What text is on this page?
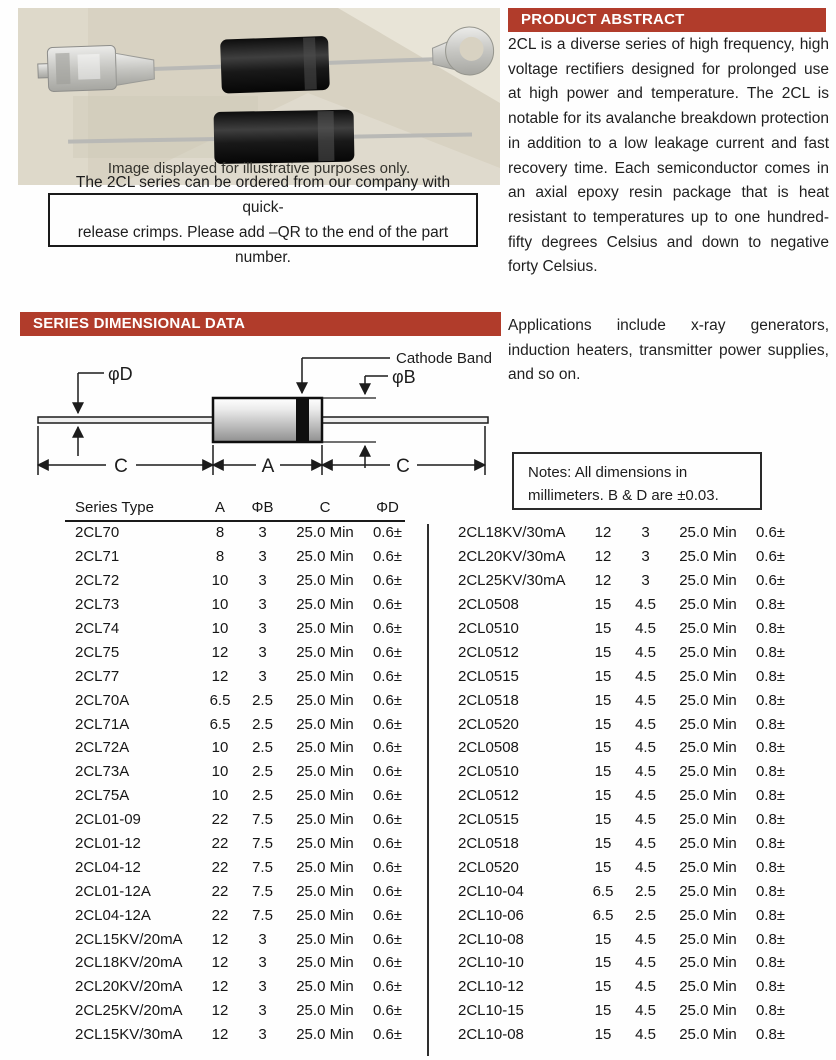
Image displayed for illustrative purposes only.
The 2CL series can be ordered from our company with quick-
release crimps. Please add –QR to the end of the part number.
PRODUCT ABSTRACT
2CL is a diverse series of high frequency, high voltage rectifiers designed for prolonged use at high power and temperature. The 2CL is notable for its avalanche breakdown protection in addition to a low leakage current and fast recovery time. Each semiconductor comes in an axial epoxy resin package that is heat resistant to temperatures up to one hundred-fifty degrees Celsius and down to negative forty Celsius.
Applications include x-ray generators, induction heaters, transmitter power supplies, and so on.
SERIES DIMENSIONAL DATA
Cathode Band
φD	φB
C	A	C	Notes: All dimensions in
millimeters. B & D are ±0.03.
Series Type	A	ΦB	C	ΦD
2CL70	8	3	25.0 Min	0.6±
2CL71	8	3	25.0 Min	0.6±
2CL72	10	3	25.0 Min	0.6±
2CL73	10	3	25.0 Min	0.6±
2CL74	10	3	25.0 Min	0.6±
2CL75	12	3	25.0 Min	0.6±
2CL77	12	3	25.0 Min	0.6±
2CL70A	6.5	2.5	25.0 Min	0.6±
2CL71A	6.5	2.5	25.0 Min	0.6±
2CL72A	10	2.5	25.0 Min	0.6±
2CL73A	10	2.5	25.0 Min	0.6±
2CL75A	10	2.5	25.0 Min	0.6±
2CL01-09	22	7.5	25.0 Min	0.6±
2CL01-12	22	7.5	25.0 Min	0.6±
2CL04-12	22	7.5	25.0 Min	0.6±
2CL01-12A	22	7.5	25.0 Min	0.6±
2CL04-12A	22	7.5	25.0 Min	0.6±
2CL15KV/20mA	12	3	25.0 Min	0.6±
2CL18KV/20mA	12	3	25.0 Min	0.6±
2CL20KV/20mA	12	3	25.0 Min	0.6±
2CL25KV/20mA	12	3	25.0 Min	0.6±
2CL15KV/30mA	12	3	25.0 Min	0.6±
2CL18KV/30mA	12	3	25.0 Min	0.6±
2CL20KV/30mA	12	3	25.0 Min	0.6±
2CL25KV/30mA	12	3	25.0 Min	0.6±
2CL0508	15	4.5	25.0 Min	0.8±
2CL0510	15	4.5	25.0 Min	0.8±
2CL0512	15	4.5	25.0 Min	0.8±
2CL0515	15	4.5	25.0 Min	0.8±
2CL0518	15	4.5	25.0 Min	0.8±
2CL0520	15	4.5	25.0 Min	0.8±
2CL0508	15	4.5	25.0 Min	0.8±
2CL0510	15	4.5	25.0 Min	0.8±
2CL0512	15	4.5	25.0 Min	0.8±
2CL0515	15	4.5	25.0 Min	0.8±
2CL0518	15	4.5	25.0 Min	0.8±
2CL0520	15	4.5	25.0 Min	0.8±
2CL10-04	6.5	2.5	25.0 Min	0.8±
2CL10-06	6.5	2.5	25.0 Min	0.8±
2CL10-08	15	4.5	25.0 Min	0.8±
2CL10-10	15	4.5	25.0 Min	0.8±
2CL10-12	15	4.5	25.0 Min	0.8±
2CL10-15	15	4.5	25.0 Min	0.8±
2CL10-08	15	4.5	25.0 Min	0.8±
